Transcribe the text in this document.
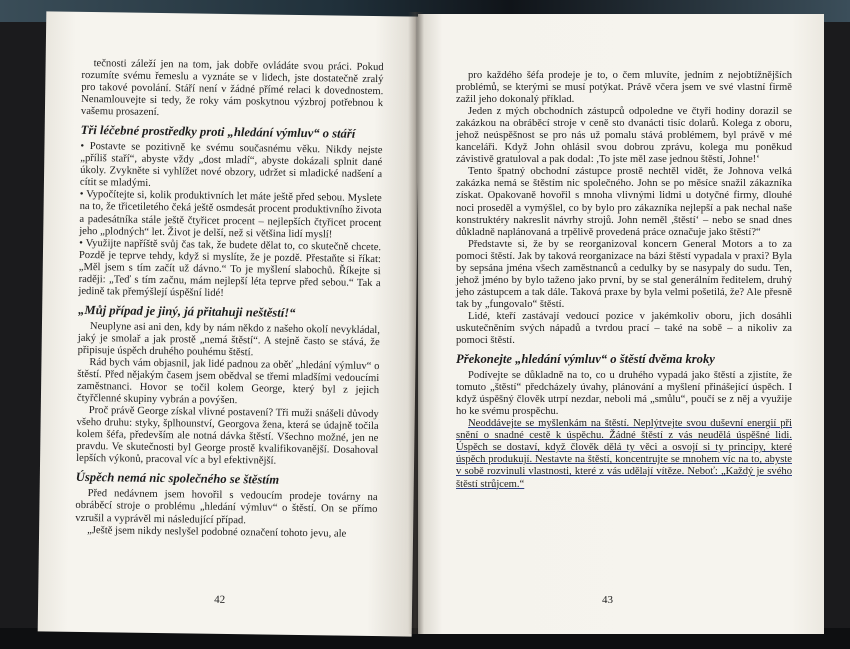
tečnosti záleží jen na tom, jak dobře ovládáte svou práci. Pokud rozumíte svému řemeslu a vyznáte se v lidech, jste dostatečně zralý pro takové povolání. Stáří není v žádné přímé relaci k dovednostem. Nenamlouvejte si tedy, že roky vám poskytnou výzbroj potřebnou k vašemu prosazení.

Tři léčebné prostředky proti „hledání výmluv“ o stáří

• Postavte se pozitivně ke svému současnému věku. Nikdy nejste „příliš staří“, abyste vždy „dost mladí“, abyste dokázali splnit dané úkoly. Zvykněte si vyhlížet nové obzory, udržet si mladické nadšení a cítit se mladými.

• Vypočítejte si, kolik produktivních let máte ještě před sebou. Myslete na to, že třicetiletého čeká ještě osmdesát procent produktivního života a padesátníka stále ještě čtyřicet procent – nejlepších čtyřicet procent jeho „plodných“ let. Život je delší, než si většina lidí myslí!

• Využijte napříště svůj čas tak, že budete dělat to, co skutečně chcete. Pozdě je teprve tehdy, když si myslíte, že je pozdě. Přestaňte si říkat: „Měl jsem s tím začít už dávno.“ To je myšlení slabochů. Říkejte si raději: „Teď s tím začnu, mám nejlepší léta teprve před sebou.“ Tak a jedině tak přemýšlejí úspěšní lidé!

„Můj případ je jiný, já přitahuji neštěstí!“

Neuplyne asi ani den, kdy by nám někdo z našeho okolí nevykládal, jaký je smolař a jak prostě „nemá štěstí“. A stejně často se stává, že připisuje úspěch druhého pouhému štěstí.

Rád bych vám objasnil, jak lidé padnou za oběť „hledání výmluv“ o štěstí. Před nějakým časem jsem obědval se třemi mladšími vedoucími zaměstnanci. Hovor se točil kolem George, který byl z jejich čtyřčlenné skupiny vybrán a povýšen.

Proč právě George získal vlivné postavení? Tři muži snášeli důvody všeho druhu: styky, šplhounství, Georgova žena, která se údajně točila kolem šéfa, především ale notná dávka štěstí. Všechno možné, jen ne pravdu. Ve skutečnosti byl George prostě kvalifikovanější. Dosahoval lepších výkonů, pracoval víc a byl efektivnější.

Úspěch nemá nic společného se štěstím

Před nedávnem jsem hovořil s vedoucím prodeje továrny na obráběcí stroje o problému „hledání výmluv“ o štěstí. On se přímo vzrušil a vyprávěl mi následující případ.

„Ještě jsem nikdy neslyšel podobné označení tohoto jevu, ale

42

pro každého šéfa prodeje je to, o čem mluvíte, jedním z nejobtížnějších problémů, se kterými se musí potýkat. Právě včera jsem ve své vlastní firmě zažil jeho dokonalý příklad.

Jeden z mých obchodních zástupců odpoledne ve čtyři hodiny dorazil se zakázkou na obráběcí stroje v ceně sto dvanácti tisíc dolarů. Kolega z oboru, jehož neúspěšnost se pro nás už pomalu stává problémem, byl právě v mé kanceláři. Když John ohlásil svou dobrou zprávu, kolega mu poněkud závistivě gratuloval a pak dodal: ,To jste měl zase jednou štěstí, Johne!‘

Tento špatný obchodní zástupce prostě nechtěl vidět, že Johnova velká zakázka nemá se štěstím nic společného. John se po měsíce snažil zákazníka získat. Opakovaně hovořil s mnoha vlivnými lidmi u dotyčné firmy, dlouhé noci proseděl a vymýšlel, co by bylo pro zákazníka nejlepší a pak nechal naše konstruktéry nakreslit návrhy strojů. John neměl ,štěstí‘ – nebo se snad dnes důkladně naplánovaná a trpělivě provedená práce označuje jako štěstí?“

Představte si, že by se reorganizoval koncern General Motors a to za pomoci štěstí. Jak by taková reorganizace na bázi štěstí vypadala v praxi? Byla by sepsána jména všech zaměstnanců a cedulky by se nasypaly do sudu. Ten, jehož jméno by bylo taženo jako první, by se stal generálním ředitelem, druhý jeho zástupcem a tak dále. Taková praxe by byla velmi pošetilá, že? Ale přesně tak by „fungovalo“ štěstí.

Lidé, kteří zastávají vedoucí pozice v jakémkoliv oboru, jich dosáhli uskutečněním svých nápadů a tvrdou prací – také na sobě – a nikoliv za pomoci štěstí.

Překonejte „hledání výmluv“ o štěstí dvěma kroky

Podívejte se důkladně na to, co u druhého vypadá jako štěstí a zjistíte, že tomuto „štěstí“ předcházely úvahy, plánování a myšlení přinášející úspěch. I když úspěšný člověk utrpí nezdar, neboli má „smůlu“, poučí se z něj a využije ho ke svému prospěchu.

Neoddávejte se myšlenkám na štěstí. Neplýtvejte svou duševní energií při snění o snadné cestě k úspěchu. Žádné štěstí z vás neudělá úspěšné lidi. Úspěch se dostaví, když člověk dělá ty věci a osvojí si ty principy, které úspěch produkují. Nestavte na štěstí, koncentrujte se mnohem víc na to, abyste v sobě rozvinuli vlastnosti, které z vás udělají vítěze. Neboť: „Každý je svého štěstí strůjcem.“

43
